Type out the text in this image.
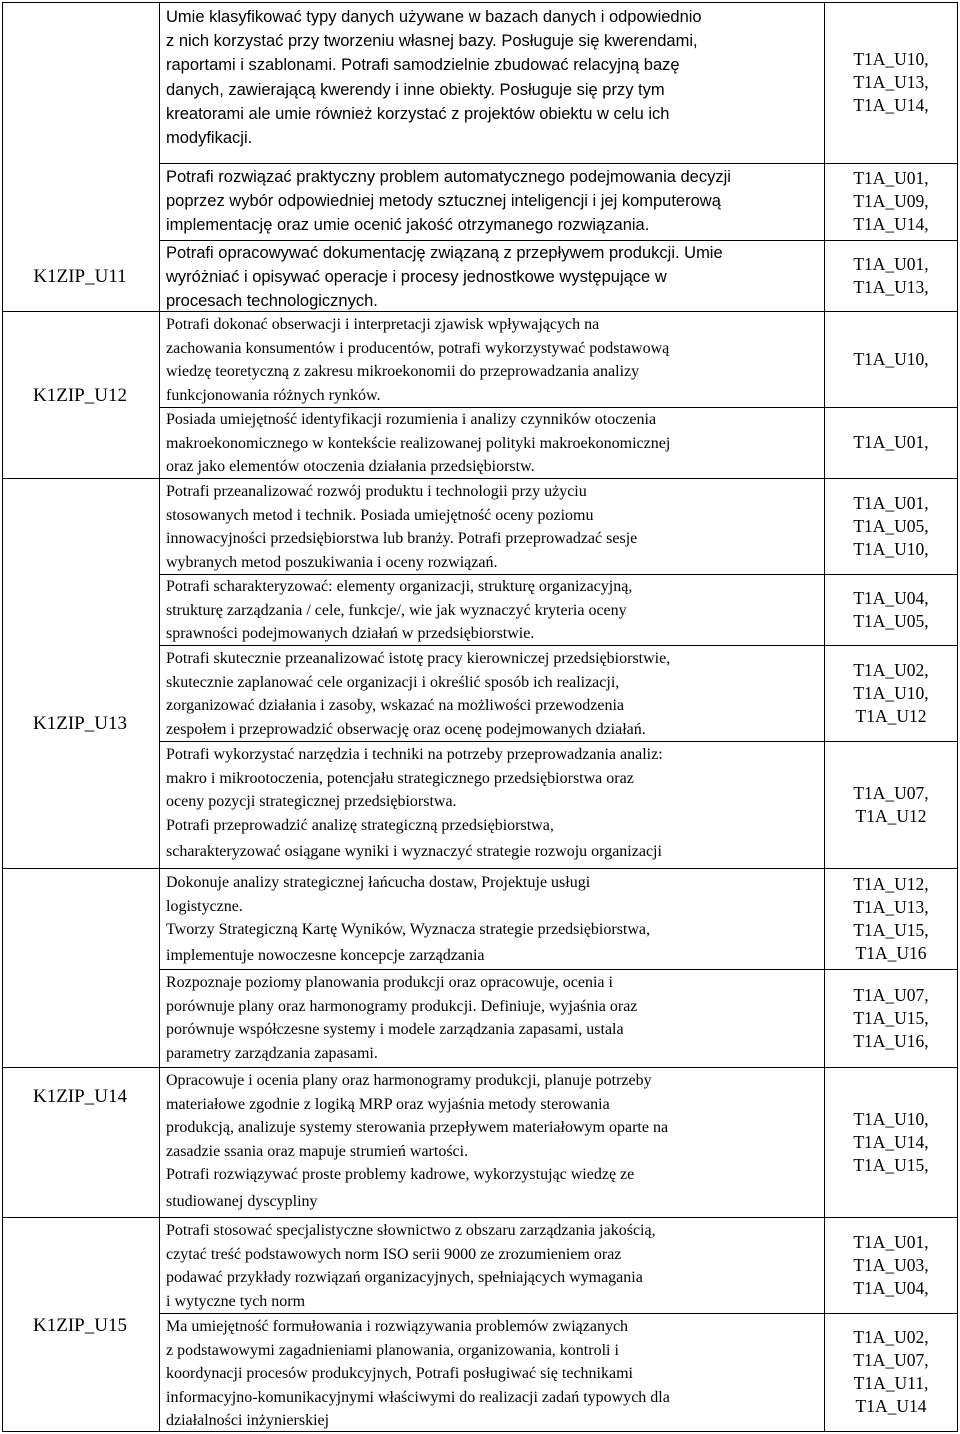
K1ZIP_U11
K1ZIP_U12
K1ZIP_U13
K1ZIP_U14
K1ZIP_U15
Umie klasyfikować typy danych używane w bazach danych i odpowiednio
z nich korzystać przy tworzeniu własnej bazy. Posługuje się kwerendami,
raportami i szablonami. Potrafi samodzielnie zbudować relacyjną bazę
danych, zawierającą kwerendy i inne obiekty. Posługuje się przy tym
kreatorami ale umie również korzystać z projektów obiektu w celu ich
modyfikacji.
T1A_U10,
T1A_U13,
T1A_U14,
Potrafi rozwiązać praktyczny problem automatycznego podejmowania decyzji
poprzez wybór odpowiedniej metody sztucznej inteligencji i jej komputerową
implementację oraz umie ocenić jakość otrzymanego rozwiązania.
T1A_U01,
T1A_U09,
T1A_U14,
Potrafi opracowywać dokumentację związaną z przepływem produkcji. Umie
wyróżniać i opisywać operacje i procesy jednostkowe występujące w
procesach technologicznych.
T1A_U01,
T1A_U13,
Potrafi dokonać obserwacji i interpretacji zjawisk wpływających na
zachowania konsumentów i producentów, potrafi wykorzystywać podstawową
wiedzę teoretyczną z zakresu mikroekonomii do przeprowadzania analizy
funkcjonowania różnych rynków.
T1A_U10,
Posiada umiejętność identyfikacji rozumienia i analizy czynników otoczenia
makroekonomicznego w kontekście realizowanej polityki makroekonomicznej
oraz jako elementów otoczenia działania przedsiębiorstw.
T1A_U01,
Potrafi przeanalizować rozwój produktu i technologii przy użyciu
stosowanych metod i technik. Posiada umiejętność oceny poziomu
innowacyjności przedsiębiorstwa lub branży. Potrafi przeprowadzać sesje
wybranych metod poszukiwania i oceny rozwiązań.
T1A_U01,
T1A_U05,
T1A_U10,
Potrafi scharakteryzować: elementy organizacji, strukturę organizacyjną,
strukturę zarządzania / cele, funkcje/, wie jak wyznaczyć kryteria oceny
sprawności podejmowanych działań w przedsiębiorstwie.
T1A_U04,
T1A_U05,
Potrafi skutecznie przeanalizować istotę pracy kierowniczej przedsiębiorstwie,
skutecznie zaplanować cele organizacji i określić sposób ich realizacji,
zorganizować działania i zasoby, wskazać na możliwości przewodzenia
zespołem i przeprowadzić obserwację oraz ocenę podejmowanych działań.
T1A_U02,
T1A_U10,
T1A_U12
Potrafi wykorzystać narzędzia i techniki na potrzeby przeprowadzania analiz:
makro i mikrootoczenia, potencjału strategicznego przedsiębiorstwa oraz
oceny pozycji strategicznej przedsiębiorstwa.
Potrafi przeprowadzić analizę strategiczną przedsiębiorstwa,
scharakteryzować osiągane wyniki i wyznaczyć strategie rozwoju organizacji
T1A_U07,
T1A_U12
Dokonuje analizy strategicznej łańcucha dostaw, Projektuje usługi
logistyczne.
Tworzy Strategiczną Kartę Wyników, Wyznacza strategie przedsiębiorstwa,
implementuje nowoczesne koncepcje zarządzania
T1A_U12,
T1A_U13,
T1A_U15,
T1A_U16
Rozpoznaje poziomy planowania produkcji oraz opracowuje, ocenia i
porównuje plany oraz harmonogramy produkcji. Definiuje, wyjaśnia oraz
porównuje współczesne systemy i modele zarządzania zapasami, ustala
parametry zarządzania zapasami.
T1A_U07,
T1A_U15,
T1A_U16,
Opracowuje i ocenia plany oraz harmonogramy produkcji, planuje potrzeby
materiałowe zgodnie z logiką MRP oraz wyjaśnia metody sterowania
produkcją, analizuje systemy sterowania przepływem materiałowym oparte na
zasadzie ssania oraz mapuje strumień wartości.
Potrafi rozwiązywać proste problemy kadrowe, wykorzystując wiedzę ze
studiowanej dyscypliny
T1A_U10,
T1A_U14,
T1A_U15,
Potrafi stosować specjalistyczne słownictwo z obszaru zarządzania jakością,
czytać treść podstawowych norm ISO serii 9000 ze zrozumieniem oraz
podawać przykłady rozwiązań organizacyjnych, spełniających wymagania
i wytyczne tych norm
T1A_U01,
T1A_U03,
T1A_U04,
Ma umiejętność formułowania i rozwiązywania problemów związanych
z podstawowymi zagadnieniami planowania, organizowania, kontroli i
koordynacji procesów produkcyjnych, Potrafi posługiwać się technikami
informacyjno-komunikacyjnymi właściwymi do realizacji zadań typowych dla
działalności inżynierskiej
T1A_U02,
T1A_U07,
T1A_U11,
T1A_U14
